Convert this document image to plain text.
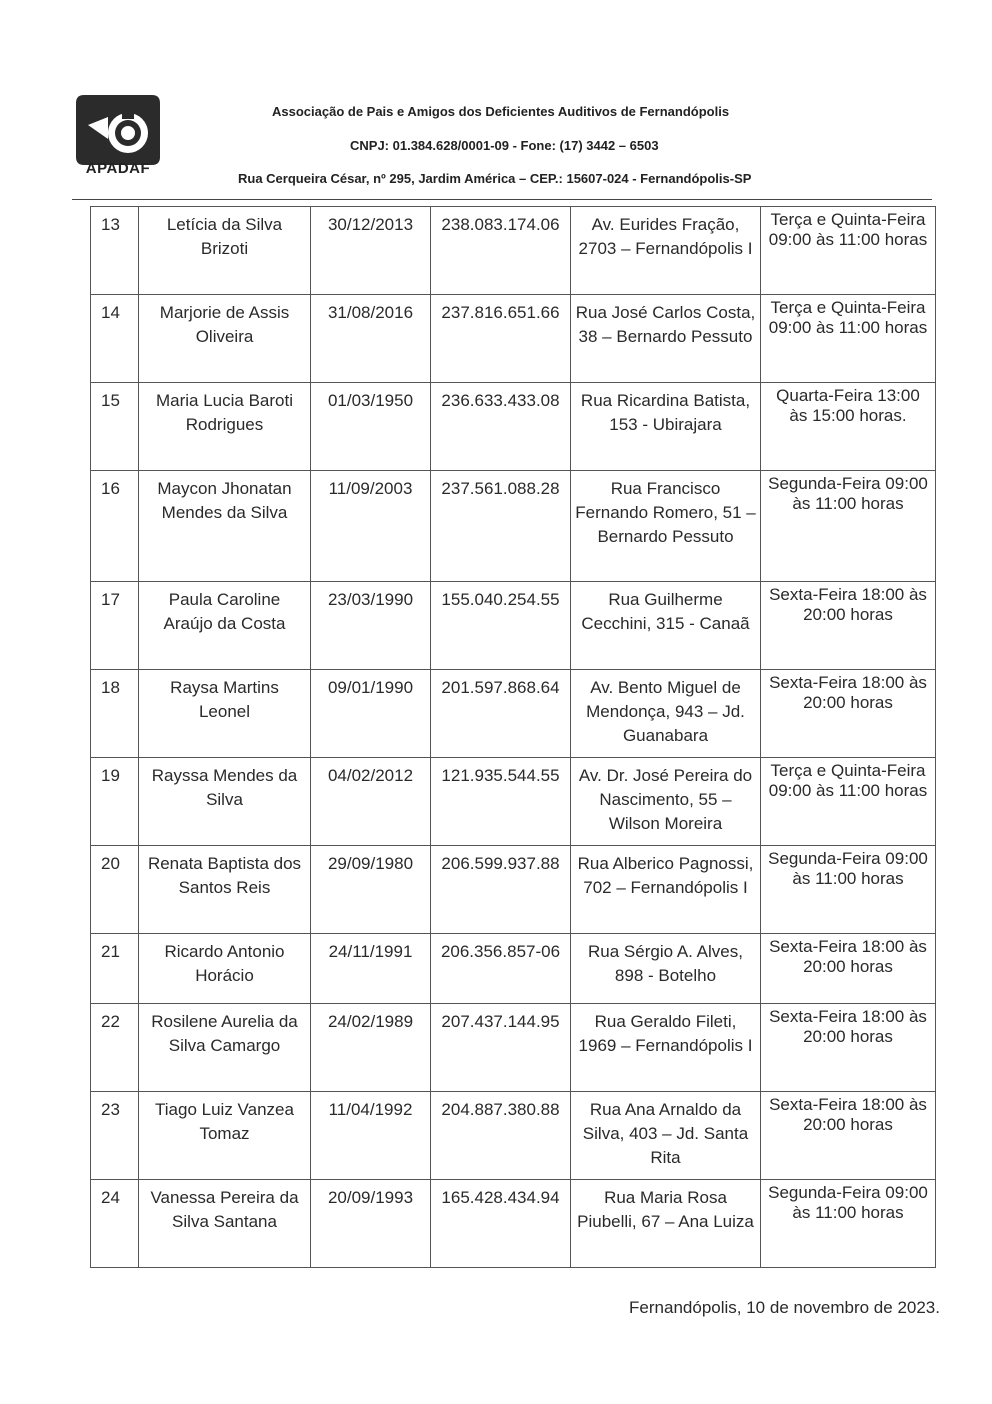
APADAF
Associação de Pais e Amigos dos Deficientes Auditivos de Fernandópolis
CNPJ: 01.384.628/0001-09 - Fone: (17) 3442 – 6503
Rua Cerqueira César, nº 295, Jardim América – CEP.: 15607-024 - Fernandópolis-SP
13	Letícia da Silva Brizoti	30/12/2013	238.083.174.06	Av. Eurides Fração, 2703 – Fernandópolis I	Terça e Quinta-Feira 09:00 às 11:00 horas
14	Marjorie de Assis Oliveira	31/08/2016	237.816.651.66	Rua José Carlos Costa, 38 – Bernardo Pessuto	Terça e Quinta-Feira 09:00 às 11:00 horas
15	Maria Lucia Baroti Rodrigues	01/03/1950	236.633.433.08	Rua Ricardina Batista, 153 - Ubirajara	Quarta-Feira 13:00 às 15:00 horas.
16	Maycon Jhonatan Mendes da Silva	11/09/2003	237.561.088.28	Rua Francisco Fernando Romero, 51 – Bernardo Pessuto	Segunda-Feira 09:00 às 11:00 horas
17	Paula Caroline Araújo da Costa	23/03/1990	155.040.254.55	Rua Guilherme Cecchini, 315 - Canaã	Sexta-Feira 18:00 às 20:00 horas
18	Raysa Martins Leonel	09/01/1990	201.597.868.64	Av. Bento Miguel de Mendonça, 943 – Jd. Guanabara	Sexta-Feira 18:00 às 20:00 horas
19	Rayssa Mendes da Silva	04/02/2012	121.935.544.55	Av. Dr. José Pereira do Nascimento, 55 – Wilson Moreira	Terça e Quinta-Feira 09:00 às 11:00 horas
20	Renata Baptista dos Santos Reis	29/09/1980	206.599.937.88	Rua Alberico Pagnossi, 702 – Fernandópolis I	Segunda-Feira 09:00 às 11:00 horas
21	Ricardo Antonio Horácio	24/11/1991	206.356.857-06	Rua Sérgio A. Alves, 898 - Botelho	Sexta-Feira 18:00 às 20:00 horas
22	Rosilene Aurelia da Silva Camargo	24/02/1989	207.437.144.95	Rua Geraldo Fileti, 1969 – Fernandópolis I	Sexta-Feira 18:00 às 20:00 horas
23	Tiago Luiz Vanzea Tomaz	11/04/1992	204.887.380.88	Rua Ana Arnaldo da Silva, 403 – Jd. Santa Rita	Sexta-Feira 18:00 às 20:00 horas
24	Vanessa Pereira da Silva Santana	20/09/1993	165.428.434.94	Rua Maria Rosa Piubelli, 67 – Ana Luiza	Segunda-Feira 09:00 às 11:00 horas
Fernandópolis, 10 de novembro de 2023.
